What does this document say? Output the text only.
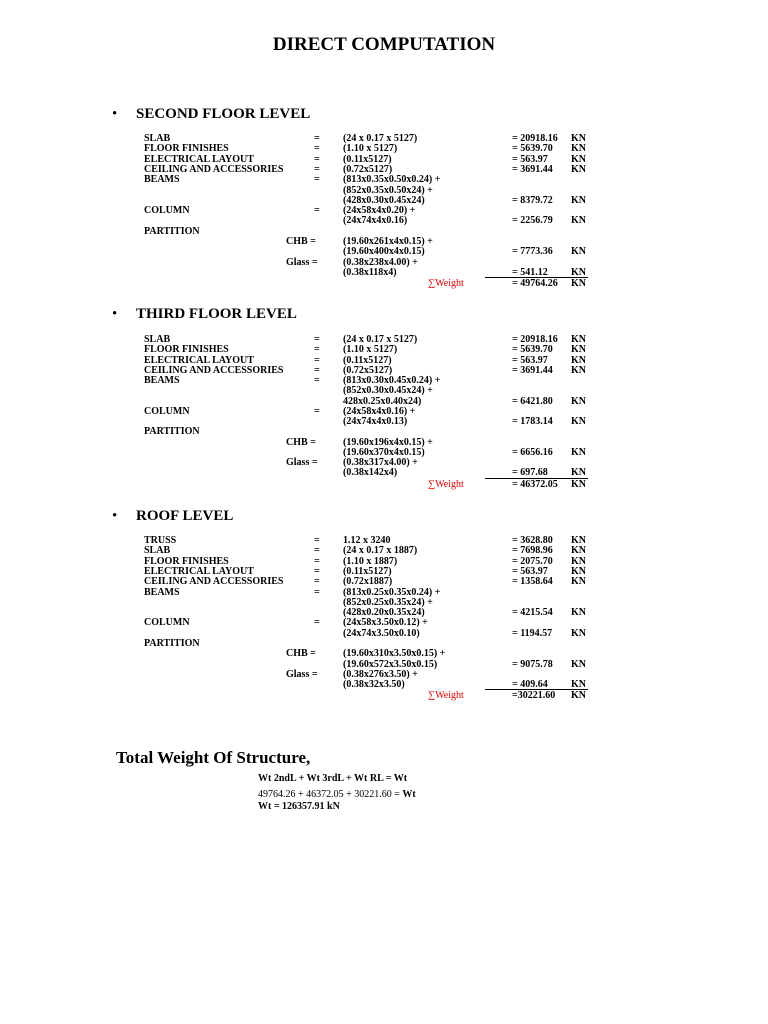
DIRECT COMPUTATION
• SECOND FLOOR LEVEL
SLAB	= (24 x 0.17 x 5127)	= 20918.16 KN
FLOOR FINISHES	= (1.10 x 5127)	= 5639.70 KN
ELECTRICAL LAYOUT	= (0.11x5127)	= 563.97 KN
CEILING AND ACCESSORIES	= (0.72x5127)	= 3691.44 KN
BEAMS	= (813x0.35x0.50x0.24) +
(852x0.35x0.50x24) +
(428x0.30x0.45x24)	= 8379.72 KN
COLUMN	= (24x58x4x0.20) +
(24x74x4x0.16)	= 2256.79 KN
PARTITION
CHB =	(19.60x261x4x0.15) +
(19.60x400x4x0.15)	= 7773.36 KN
Glass =	(0.38x238x4.00) +
(0.38x118x4)	= 541.12 KN
∑Weight	= 49764.26 KN
• THIRD FLOOR LEVEL
SLAB	= (24 x 0.17 x 5127)	= 20918.16 KN
FLOOR FINISHES	= (1.10 x 5127)	= 5639.70 KN
ELECTRICAL LAYOUT	= (0.11x5127)	= 563.97 KN
CEILING AND ACCESSORIES	= (0.72x5127)	= 3691.44 KN
BEAMS	= (813x0.30x0.45x0.24) +
(852x0.30x0.45x24) +
428x0.25x0.40x24)	= 6421.80 KN
COLUMN	= (24x58x4x0.16) +
(24x74x4x0.13)	= 1783.14 KN
PARTITION
CHB =	(19.60x196x4x0.15) +
(19.60x370x4x0.15)	= 6656.16 KN
Glass =	(0.38x317x4.00) +
(0.38x142x4)	= 697.68 KN
∑Weight	= 46372.05 KN
• ROOF LEVEL
TRUSS	= 1.12 x 3240	= 3628.80 KN
SLAB	= (24 x 0.17 x 1887)	= 7698.96 KN
FLOOR FINISHES	= (1.10 x 1887)	= 2075.70 KN
ELECTRICAL LAYOUT	= (0.11x5127)	= 563.97 KN
CEILING AND ACCESSORIES	= (0.72x1887)	= 1358.64 KN
BEAMS	= (813x0.25x0.35x0.24) +
(852x0.25x0.35x24) +
(428x0.20x0.35x24)	= 4215.54 KN
COLUMN	= (24x58x3.50x0.12) +
(24x74x3.50x0.10)	= 1194.57 KN
PARTITION
CHB =	(19.60x310x3.50x0.15) +
(19.60x572x3.50x0.15)	= 9075.78 KN
Glass =	(0.38x276x3.50) +
(0.38x32x3.50)	= 409.64 KN
∑Weight	=30221.60 KN
Total Weight Of Structure,
Wt 2ndL + Wt 3rdL + Wt RL = Wt
49764.26 + 46372.05 + 30221.60 = Wt
Wt = 126357.91 kN
